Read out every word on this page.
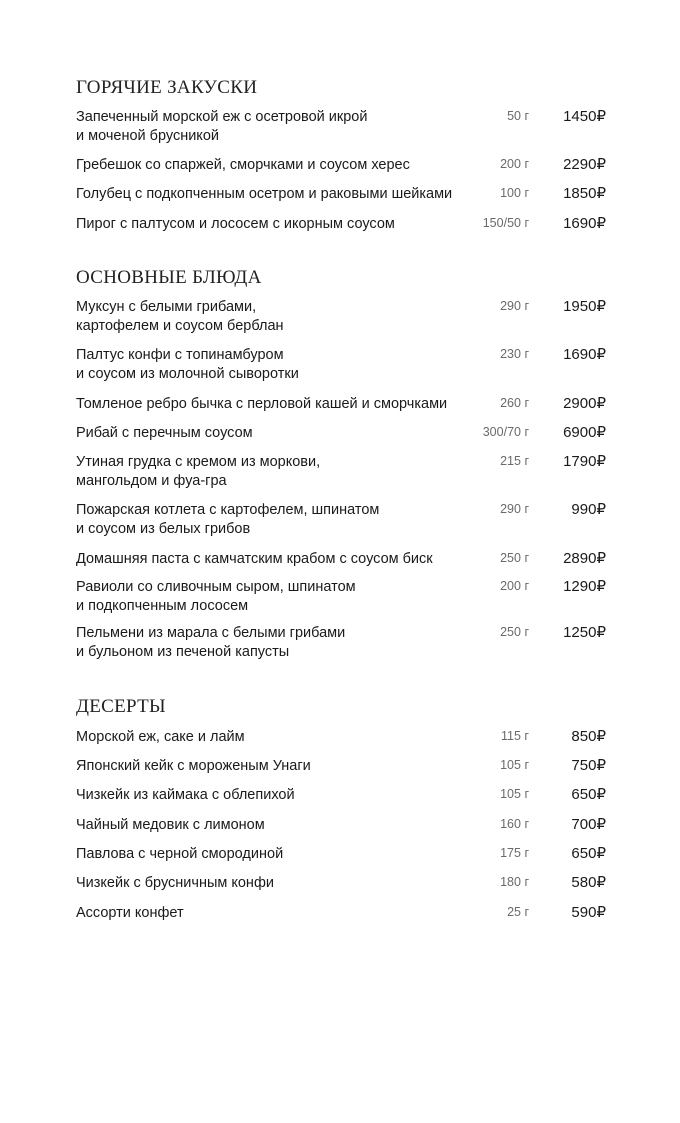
ГОРЯЧИЕ ЗАКУСКИ
Запеченный морской еж с осетровой икрой
и моченой брусникой
50 г 1450₽
Гребешок со спаржей, сморчками и соусом херес	200 г 2290₽
Голубец с подкопченным осетром и раковыми шейками	100 г 1850₽
Пирог с палтусом и лососем с икорным соусом	150/50 г 1690₽
ОСНОВНЫЕ БЛЮДА
Муксун с белыми грибами,
картофелем и соусом берблан
290 г 1950₽
Палтус конфи с топинамбуром
и соусом из молочной сыворотки
230 г 1690₽
Томленое ребро бычка с перловой кашей и сморчками	260 г 2900₽
Рибай с перечным соусом	300/70 г 6900₽
Утиная грудка с кремом из моркови,
мангольдом и фуа-гра
215 г 1790₽
Пожарская котлета с картофелем, шпинатом
и соусом из белых грибов
290 г	990₽
Домашняя паста с камчатским крабом с соусом биск	250 г 2890₽
Равиоли со сливочным сыром, шпинатом
и подкопченным лососем
200 г 1290₽
Пельмени из марала с белыми грибами
и бульоном из печеной капусты
250 г 1250₽
ДЕСЕРТЫ
Морской еж, саке и лайм	115 г	850₽
Японский кейк с мороженым Унаги	105 г	750₽
Чизкейк из каймака с облепихой	105 г	650₽
Чайный медовик с лимоном	160 г	700₽
Павлова с черной смородиной	175 г	650₽
Чизкейк с брусничным конфи	180 г	580₽
Ассорти конфет	25 г	590₽
